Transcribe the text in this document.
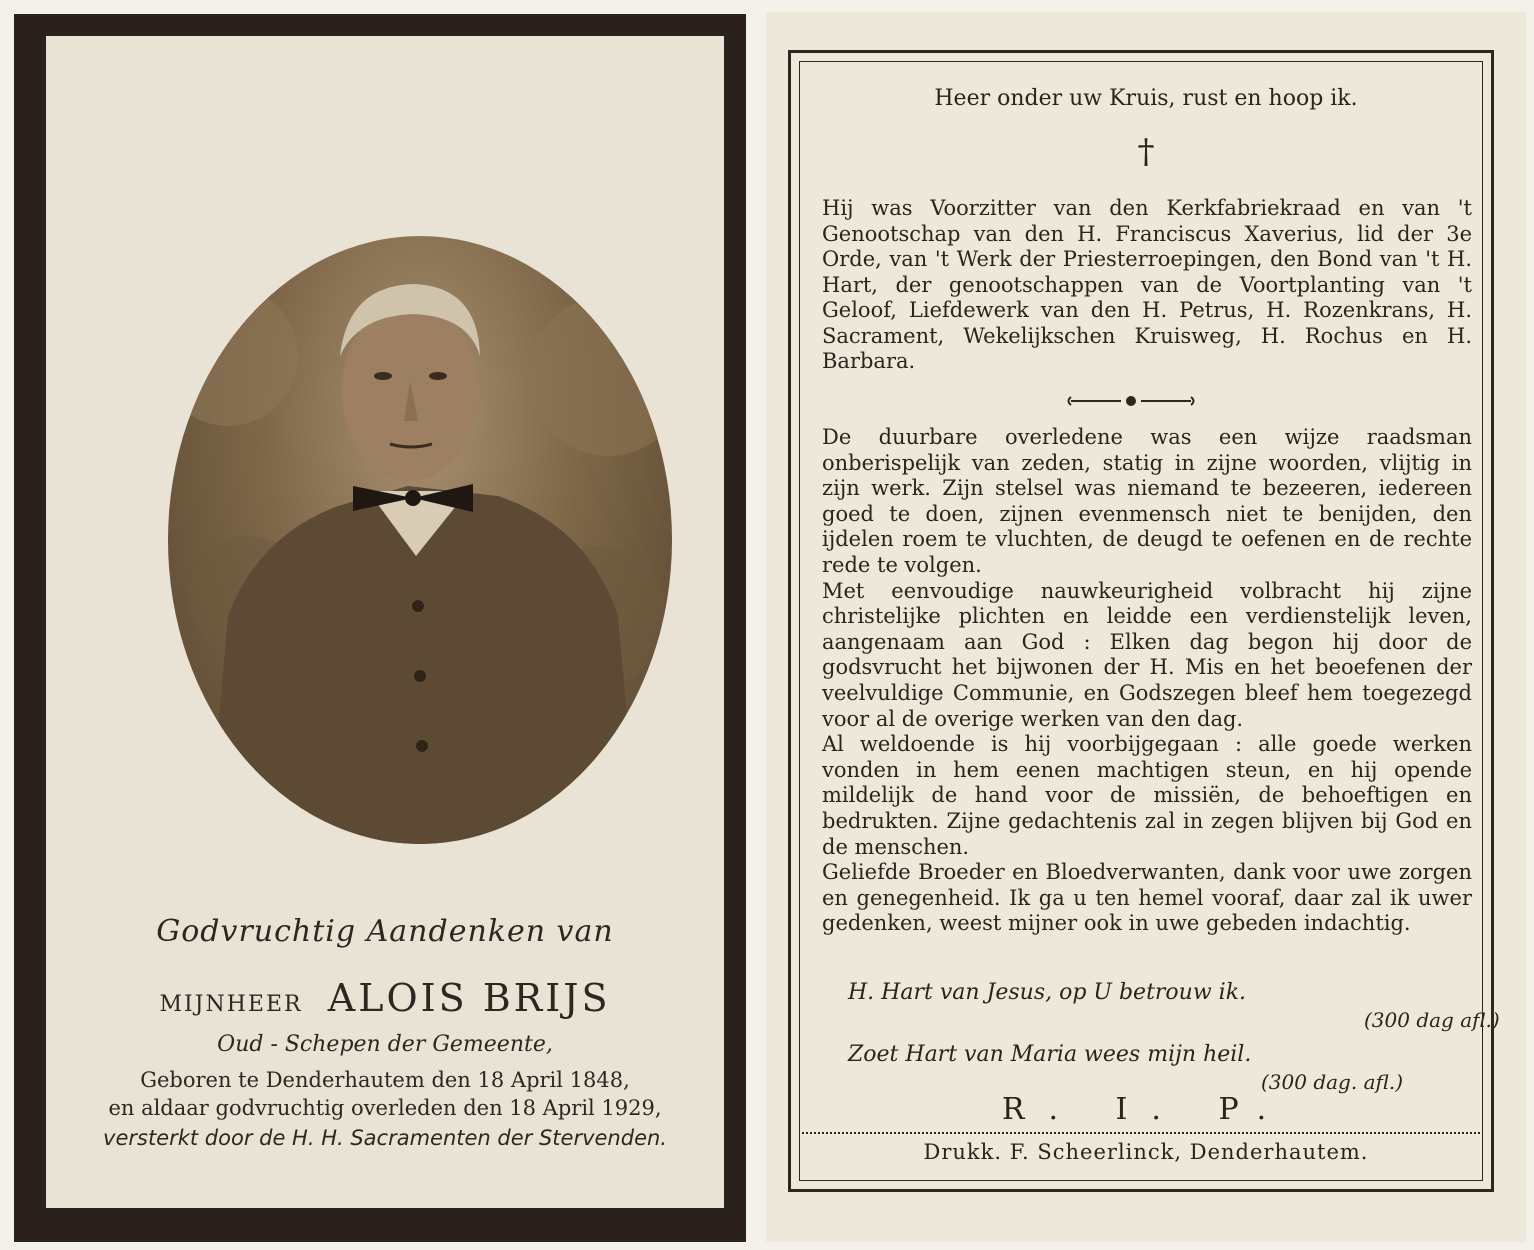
Godvruchtig Aandenken van
MIJNHEER ALOIS BRIJS
Oud - Schepen der Gemeente,
Geboren te Denderhautem den 18 April 1848,
en aldaar godvruchtig overleden den 18 April 1929,
versterkt door de H. H. Sacramenten der Stervenden.
Heer onder uw Kruis, rust en hoop ik.
†
Hij was Voorzitter van den Kerkfabriekraad en van 't Genootschap van den H. Franciscus Xaverius, lid der 3e Orde, van 't Werk der Priesterroepingen, den Bond van 't H. Hart, der genootschappen van de Voortplanting van 't Geloof, Liefdewerk van den H. Petrus, H. Rozenkrans, H. Sacrament, Wekelijkschen Kruisweg, H. Rochus en H. Barbara.
De duurbare overledene was een wijze raadsman onberispelijk van zeden, statig in zijne woorden, vlijtig in zijn werk. Zijn stelsel was niemand te bezeeren, iedereen goed te doen, zijnen evenmensch niet te benijden, den ijdelen roem te vluchten, de deugd te oefenen en de rechte rede te volgen.
Met eenvoudige nauwkeurigheid volbracht hij zijne christelijke plichten en leidde een verdienstelijk leven, aangenaam aan God : Elken dag begon hij door de godsvrucht het bijwonen der H. Mis en het beoefenen der veelvuldige Communie, en Godszegen bleef hem toegezegd voor al de overige werken van den dag.
Al weldoende is hij voorbijgegaan : alle goede werken vonden in hem eenen machtigen steun, en hij opende mildelijk de hand voor de missiën, de behoeftigen en bedrukten. Zijne gedachtenis zal in zegen blijven bij God en de menschen.
Geliefde Broeder en Bloedverwanten, dank voor uwe zorgen en genegenheid. Ik ga u ten hemel vooraf, daar zal ik uwer gedenken, weest mijner ook in uwe gebeden indachtig.
H. Hart van Jesus, op U betrouw ik.
(300 dag afl.)
Zoet Hart van Maria wees mijn heil.
(300 dag. afl.)
R. I. P.
Drukk. F. Scheerlinck, Denderhautem.
